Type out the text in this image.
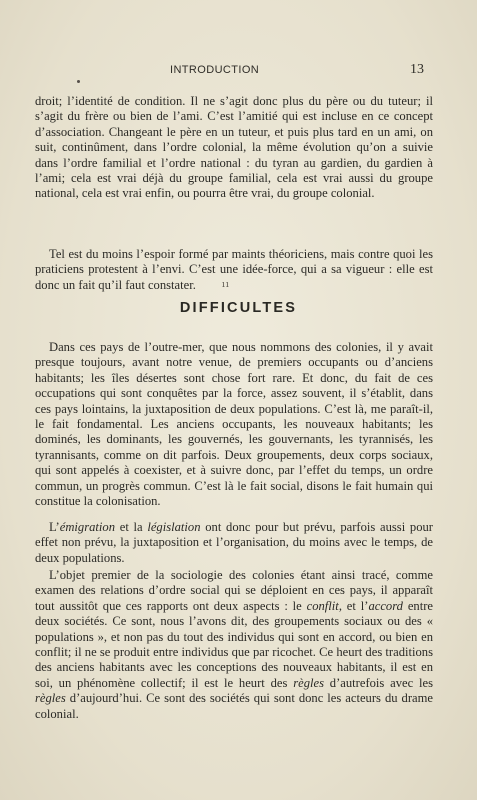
INTRODUCTION	13

droit; l’identité de condition. Il ne s’agit donc plus du père ou du tuteur; il s’agit du frère ou bien de l’ami. C’est l’amitié qui est incluse en ce concept d’association. Changeant le père en un tuteur, et puis plus tard en un ami, on suit, continûment, dans l’ordre colonial, la même évolution qu’on a suivie dans l’ordre familial et l’ordre national : du tyran au gardien, du gardien à l’ami; cela est vrai déjà du groupe familial, cela est vrai aussi du groupe national, cela est vrai enfin, ou pourra être vrai, du groupe colonial.

Tel est du moins l’espoir formé par maints théoriciens, mais contre quoi les praticiens protestent à l’envi. C’est une idée-force, qui a sa vigueur : elle est donc un fait qu’il faut constater.	ıı
DIFFICULTES

Dans ces pays de l’outre-mer, que nous nommons des colonies, il y avait presque toujours, avant notre venue, de premiers occupants ou d’anciens habitants; les îles désertes sont chose fort rare. Et donc, du fait de ces occupations qui sont conquêtes par la force, assez souvent, il s’établit, dans ces pays lointains, la juxtaposition de deux populations. C’est là, me paraît-il, le fait fondamental. Les anciens occupants, les nouveaux habitants; les dominés, les dominants, les gouvernés, les gouvernants, les tyrannisés, les tyrannisants, comme on dit parfois. Deux groupements, deux corps sociaux, qui sont appelés à coexister, et à suivre donc, par l’effet du temps, un ordre commun, un progrès commun. C’est là le fait social, disons le fait humain qui constitue la colonisation.

L’émigration et la législation ont donc pour but prévu, parfois aussi pour effet non prévu, la juxtaposition et l’organisation, du moins avec le temps, de deux populations.

L’objet premier de la sociologie des colonies étant ainsi tracé, comme examen des relations d’ordre social qui se déploient en ces pays, il apparaît tout aussitôt que ces rapports ont deux aspects : le conflit, et l’accord entre deux sociétés. Ce sont, nous l’avons dit, des groupements sociaux ou des « populations », et non pas du tout des individus qui sont en accord, ou bien en conflit; il ne se produit entre individus que par ricochet. Ce heurt des traditions des anciens habitants avec les conceptions des nouveaux habitants, il est en soi, un phénomène collectif; il est le heurt des règles d’autrefois avec les règles d’aujourd’hui. Ce sont des sociétés qui sont donc les acteurs du drame colonial.
